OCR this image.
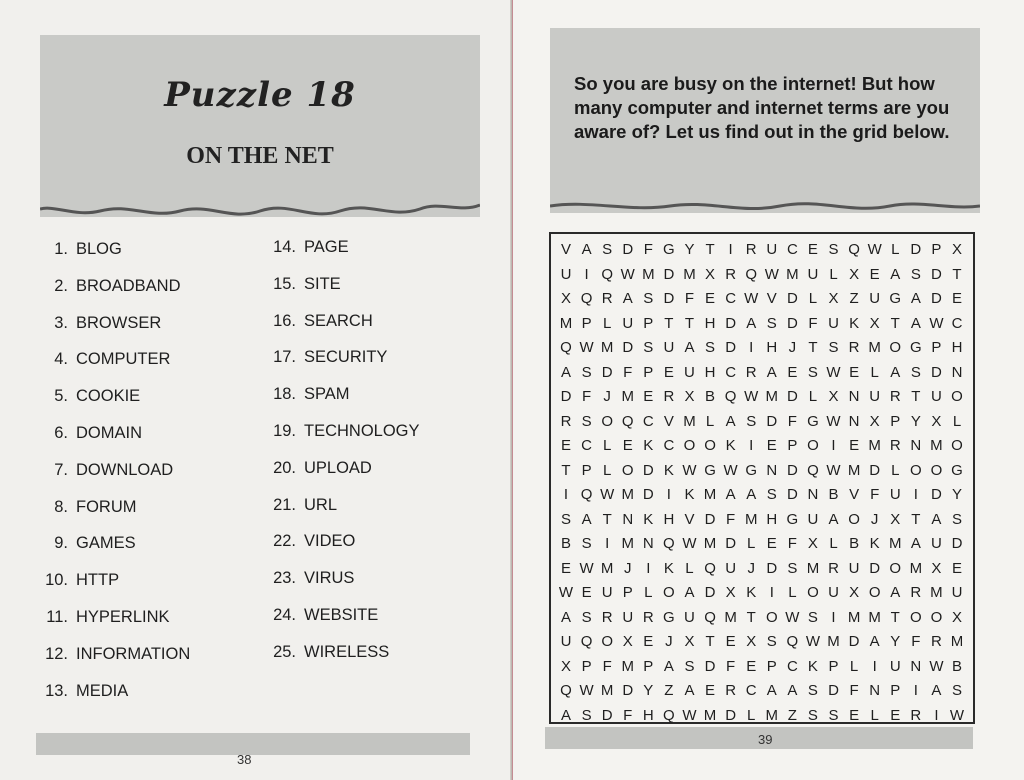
Puzzle 18
ON THE NET
1. BLOG
2. BROADBAND
3. BROWSER
4. COMPUTER
5. COOKIE
6. DOMAIN
7. DOWNLOAD
8. FORUM
9. GAMES
10. HTTP
11. HYPERLINK
12. INFORMATION
13. MEDIA
14. PAGE
15. SITE
16. SEARCH
17. SECURITY
18. SPAM
19. TECHNOLOGY
20. UPLOAD
21. URL
22. VIDEO
23. VIRUS
24. WEBSITE
25. WIRELESS
38
So you are busy on the internet! But how many computer and internet terms are you aware of? Let us find out in the grid below.
V A S D F G Y T I R U C E S Q W L D P X
U I Q W M D M X R Q W M U L X E A S D T
X Q R A S D F E C W V D L X Z U G A D E
M P L U P T T H D A S D F U K X T A W C
Q W M D S U A S D I H J T S R M O G P H
A S D F P E U H C R A E S W E L A S D N
D F J M E R X B Q W M D L X N U R T U O
R S O Q C V M L A S D F G W N X P Y X L
E C L E K C O O K I E P O I E M R N M O
T P L O D K W G W G N D Q W M D L O O G
I Q W M D I K M A A S D N B V F U I D Y
S A T N K H V D F M H G U A O J X T A S
B S I M N Q W M D L E F X L B K M A U D
E W M J I K L Q U J D S M R U D O M X E
W E U P L O A D X K I L O U X O A R M U
A S R U R G U Q M T O W S I M M T O O X
U Q O X E J X T E X S Q W M D A Y F R M
X P F M P A S D F E P C K P L I U N W B
Q W M D Y Z A E R C A A S D F N P I A S
A S D F H Q W M D L M Z S S E L E R I W
39
